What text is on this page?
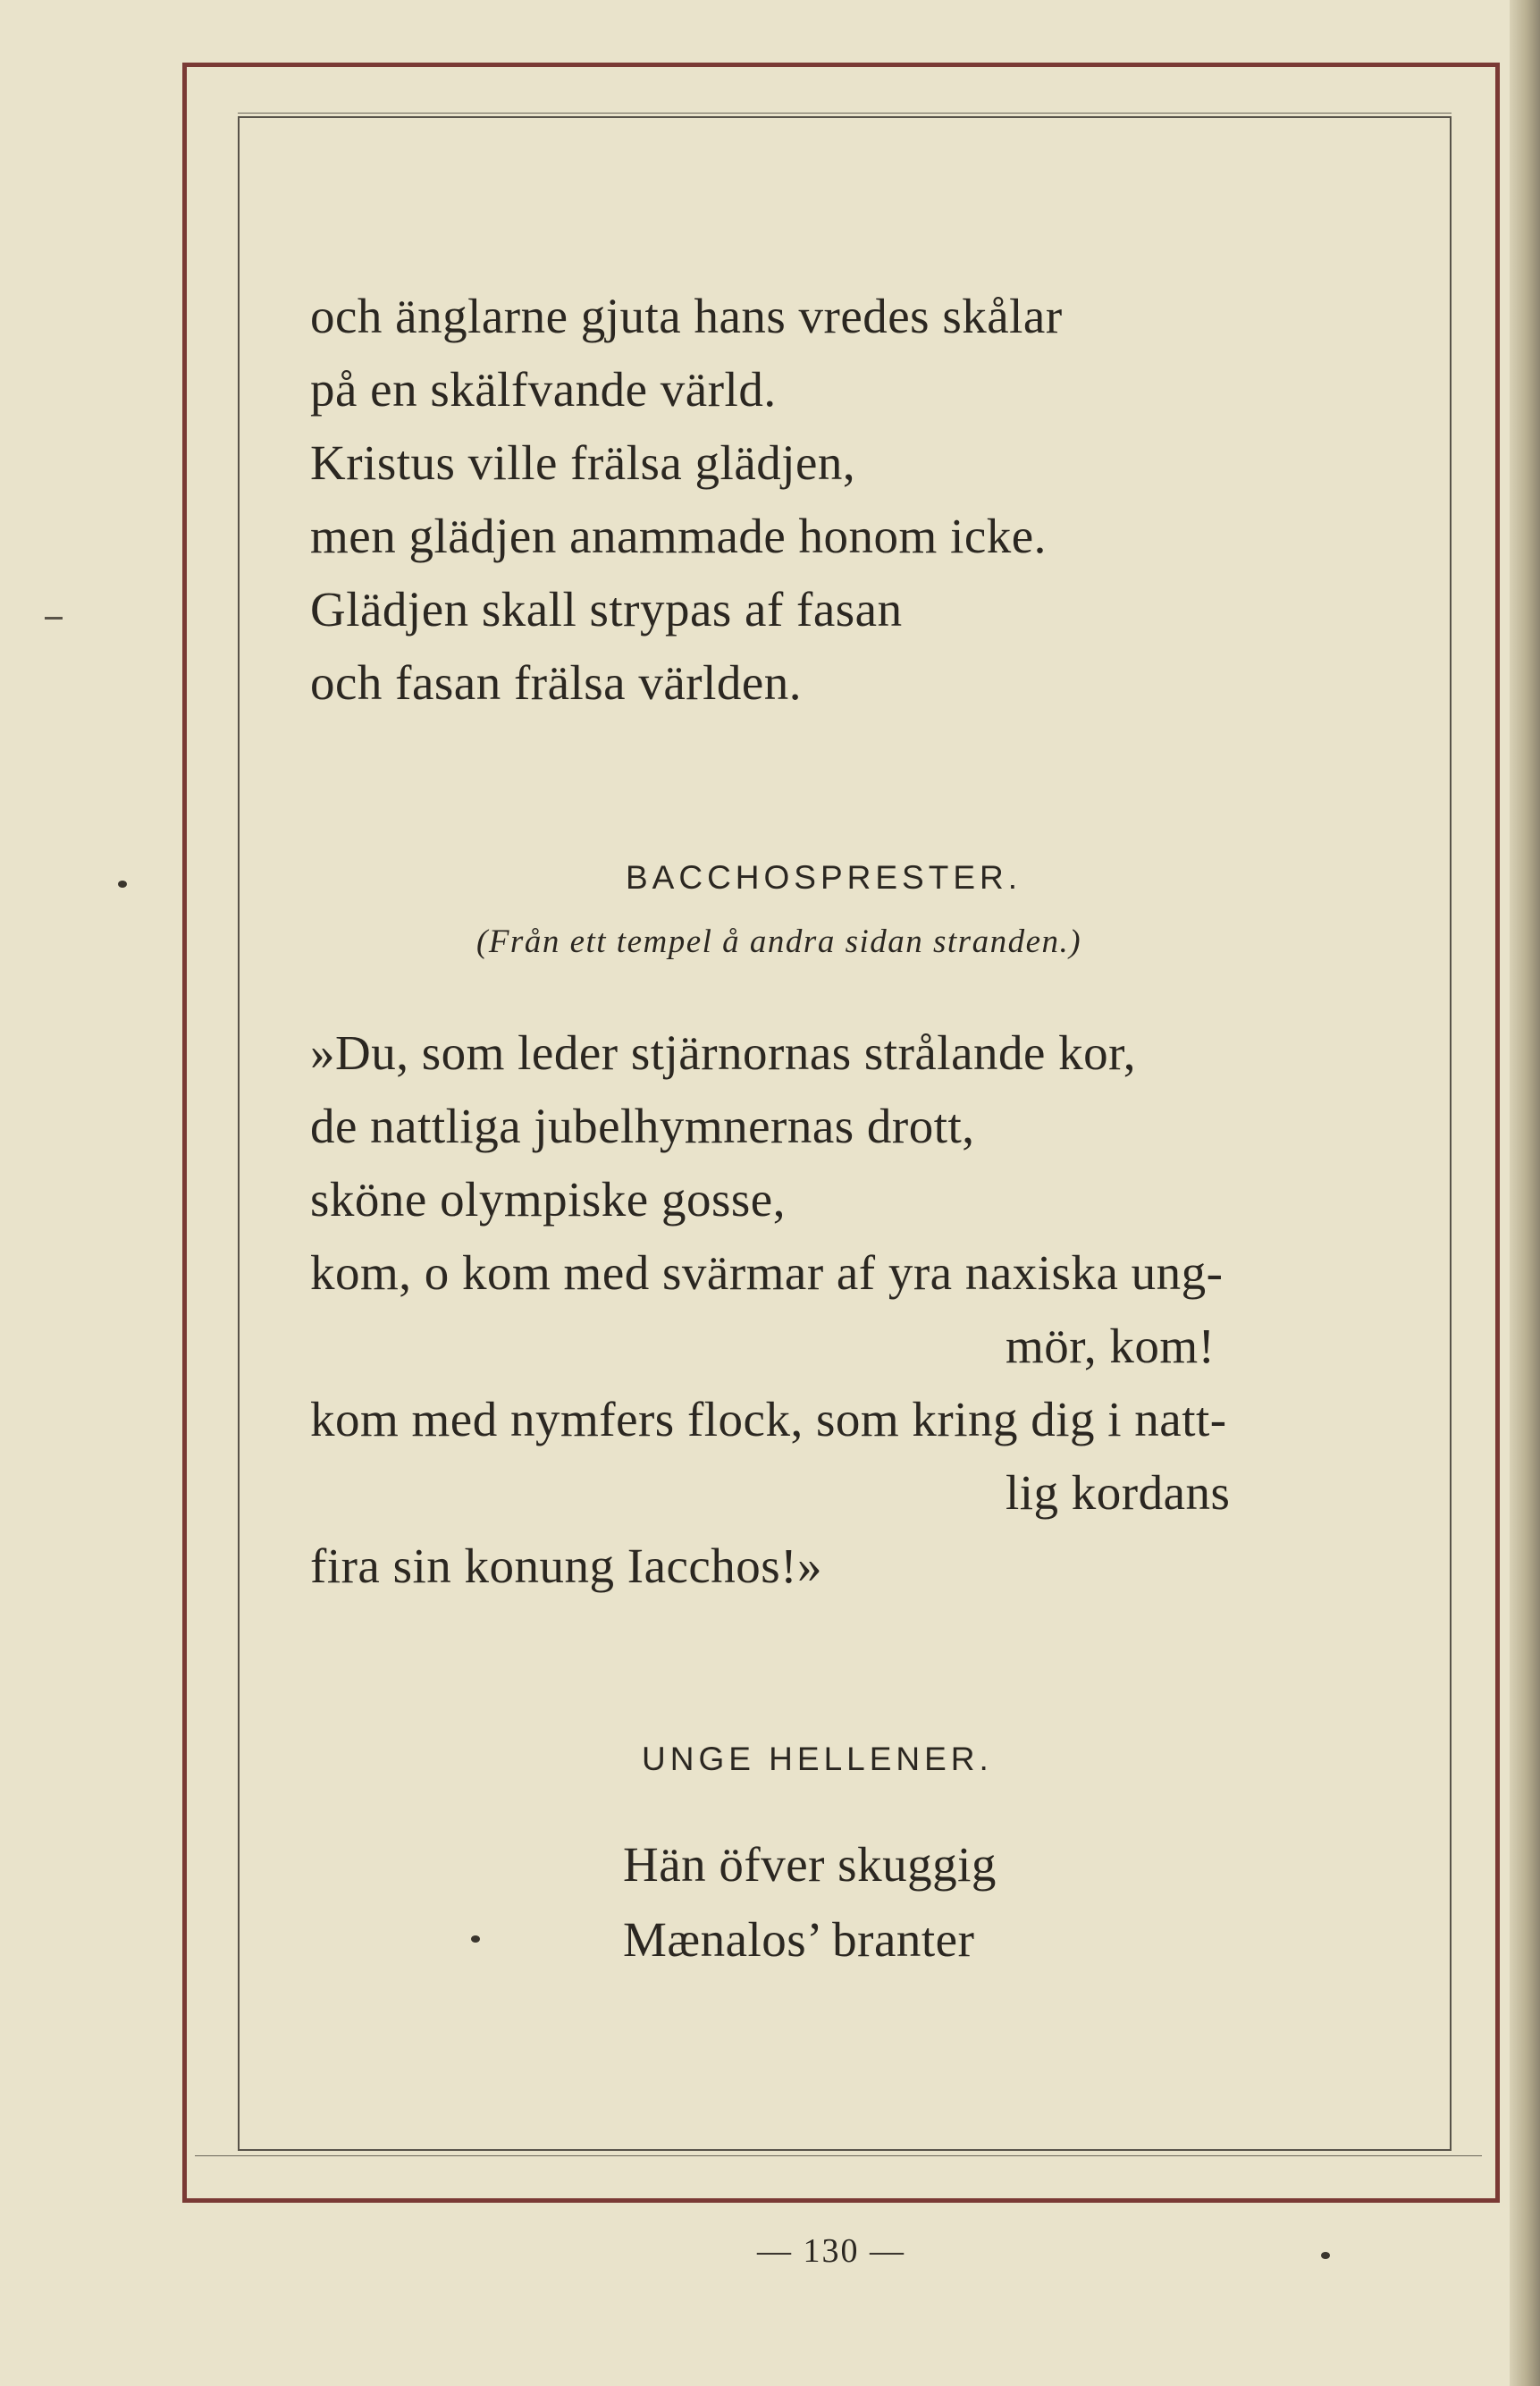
och änglarne gjuta hans vredes skålar
på en skälfvande värld.
Kristus ville frälsa glädjen,
men glädjen anammade honom icke.
Glädjen skall strypas af fasan
och fasan frälsa världen.
BACCHOSPRESTER.
(Från ett tempel å andra sidan stranden.)
»Du, som leder stjärnornas strålande kor,
de nattliga jubelhymnernas drott,
sköne olympiske gosse,
kom, o kom med svärmar af yra naxiska ung-
mör, kom!
kom med nymfers flock, som kring dig i natt-
lig kordans
fira sin konung Iacchos!»
UNGE HELLENER.
Hän öfver skuggig
Mænalos’ branter
— 130 —
